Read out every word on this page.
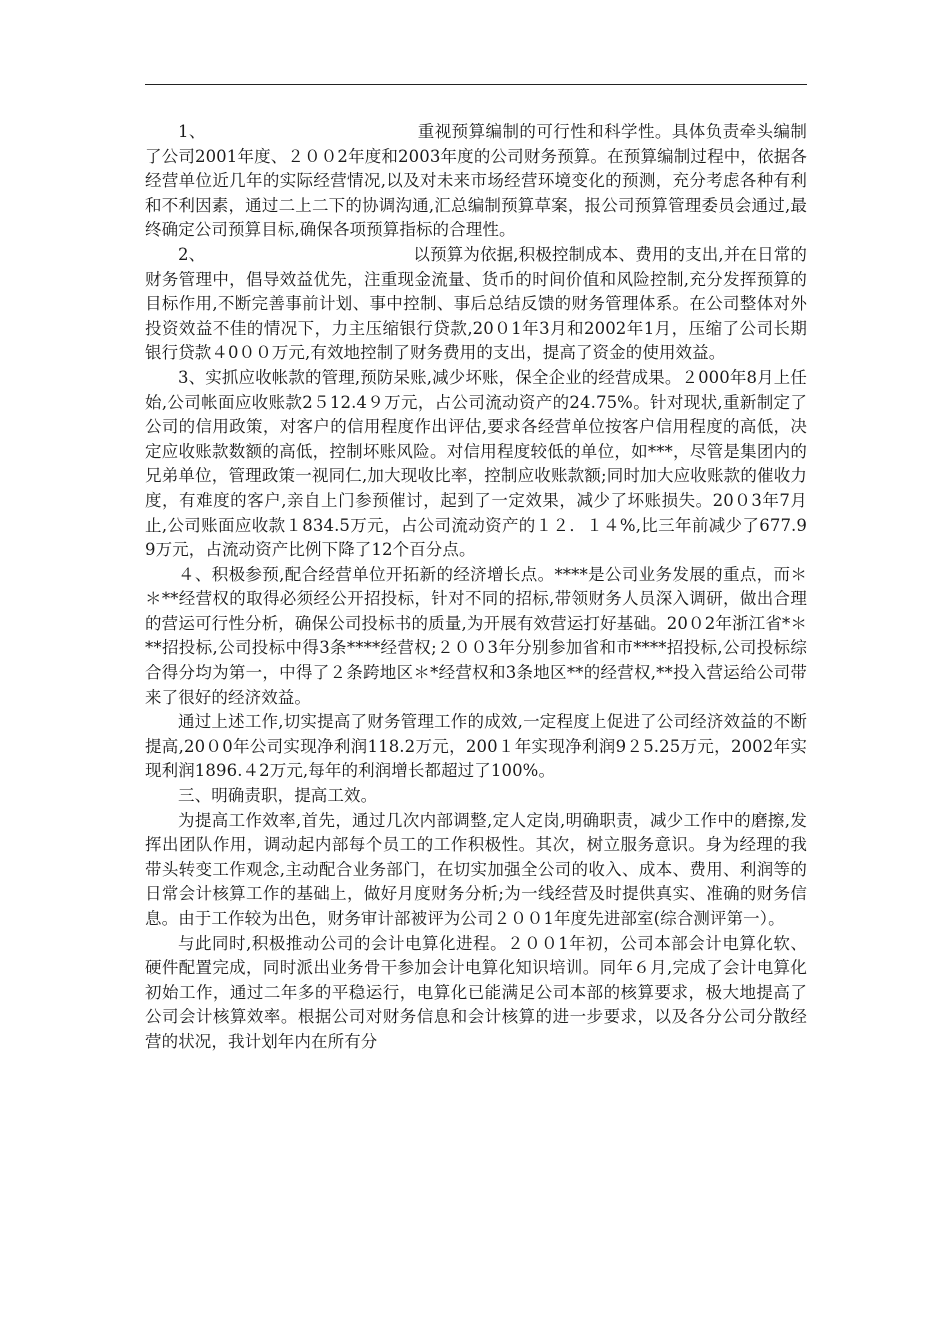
1、　　　　　　　　　　　　　重视预算编制的可行性和科学性。具体负责牵头编制了公司2001年度、２００2年度和2003年度的公司财务预算。在预算编制过程中，依据各经营单位近几年的实际经营情况,以及对未来市场经营环境变化的预测，充分考虑各种有利和不利因素，通过二上二下的协调沟通,汇总编制预算草案，报公司预算管理委员会通过,最终确定公司预算目标,确保各项预算指标的合理性。

2、　　　　　　　　　　　　　以预算为依据,积极控制成本、费用的支出,并在日常的财务管理中，倡导效益优先，注重现金流量、货币的时间价值和风险控制,充分发挥预算的目标作用,不断完善事前计划、事中控制、事后总结反馈的财务管理体系。在公司整体对外投资效益不佳的情况下，力主压缩银行贷款,20０1年3月和2002年1月，压缩了公司长期银行贷款４0００万元,有效地控制了财务费用的支出，提高了资金的使用效益。

3、实抓应收帐款的管理,预防呆账,减少坏账，保全企业的经营成果。２000年8月上任始,公司帐面应收账款2５12.4９万元，占公司流动资产的24.75%。针对现状,重新制定了公司的信用政策，对客户的信用程度作出评估,要求各经营单位按客户信用程度的高低，决定应收账款数额的高低，控制坏账风险。对信用程度较低的单位，如***，尽管是集团内的兄弟单位，管理政策一视同仁,加大现收比率，控制应收账款额;同时加大应收账款的催收力度，有难度的客户,亲自上门参预催讨，起到了一定效果，减少了坏账损失。20０3年7月止,公司账面应收款１834.5万元，占公司流动资产的１２．１４%,比三年前减少了677.99万元，占流动资产比例下降了12个百分点。

４、积极参预,配合经营单位开拓新的经济增长点。****是公司业务发展的重点，而＊＊**经营权的取得必须经公开招投标，针对不同的招标,带领财务人员深入调研，做出合理的营运可行性分析，确保公司投标书的质量,为开展有效营运打好基础。20０2年浙江省*＊**招投标,公司投标中得3条****经营权;２００3年分别参加省和市****招投标,公司投标综合得分均为第一，中得了２条跨地区＊*经营权和3条地区**的经营权,**投入营运给公司带来了很好的经济效益。

通过上述工作,切实提高了财务管理工作的成效,一定程度上促进了公司经济效益的不断提高,20０0年公司实现净利润118.2万元，200１年实现净利润9２5.25万元，2002年实现利润1896.４2万元,每年的利润增长都超过了100%。

三、明确责职，提高工效。

为提高工作效率,首先，通过几次内部调整,定人定岗,明确职责，减少工作中的磨擦,发挥出团队作用，调动起内部每个员工的工作积极性。其次，树立服务意识。身为经理的我带头转变工作观念,主动配合业务部门，在切实加强全公司的收入、成本、费用、利润等的日常会计核算工作的基础上，做好月度财务分析;为一线经营及时提供真实、准确的财务信息。由于工作较为出色，财务审计部被评为公司２００1年度先进部室(综合测评第一）。

与此同时,积极推动公司的会计电算化进程。２００1年初，公司本部会计电算化软、硬件配置完成，同时派出业务骨干参加会计电算化知识培训。同年６月,完成了会计电算化初始工作，通过二年多的平稳运行，电算化已能满足公司本部的核算要求，极大地提高了公司会计核算效率。根据公司对财务信息和会计核算的进一步要求，以及各分公司分散经营的状况，我计划年内在所有分
